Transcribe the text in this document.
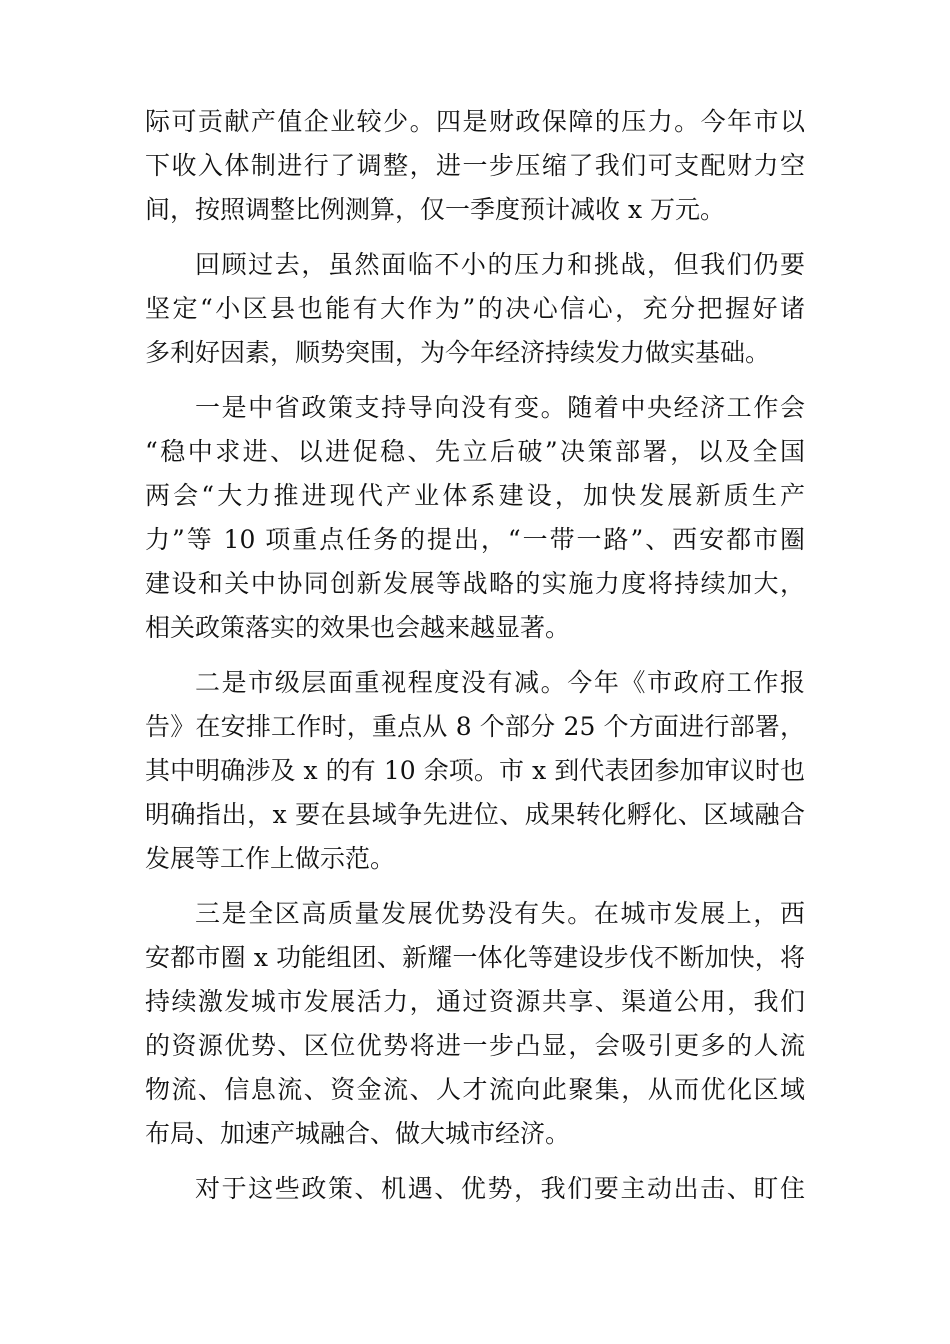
际可贡献产值企业较少。四是财政保障的压力。今年市以
下收入体制进行了调整，进一步压缩了我们可支配财力空
间，按照调整比例测算，仅一季度预计减收 x 万元。

回顾过去，虽然面临不小的压力和挑战，但我们仍要
坚定“小区县也能有大作为”的决心信心，充分把握好诸
多利好因素，顺势突围，为今年经济持续发力做实基础。

一是中省政策支持导向没有变。随着中央经济工作会
“稳中求进、以进促稳、先立后破”决策部署，以及全国
两会“大力推进现代产业体系建设，加快发展新质生产
力”等 10 项重点任务的提出，“一带一路”、西安都市圈
建设和关中协同创新发展等战略的实施力度将持续加大，
相关政策落实的效果也会越来越显著。

二是市级层面重视程度没有减。今年《市政府工作报
告》在安排工作时，重点从 8 个部分 25 个方面进行部署，
其中明确涉及 x 的有 10 余项。市 x 到代表团参加审议时也
明确指出，x 要在县域争先进位、成果转化孵化、区域融合
发展等工作上做示范。

三是全区高质量发展优势没有失。在城市发展上，西
安都市圈 x 功能组团、新耀一体化等建设步伐不断加快，将
持续激发城市发展活力，通过资源共享、渠道公用，我们
的资源优势、区位优势将进一步凸显，会吸引更多的人流
物流、信息流、资金流、人才流向此聚集，从而优化区域
布局、加速产城融合、做大城市经济。

对于这些政策、机遇、优势，我们要主动出击、盯住
